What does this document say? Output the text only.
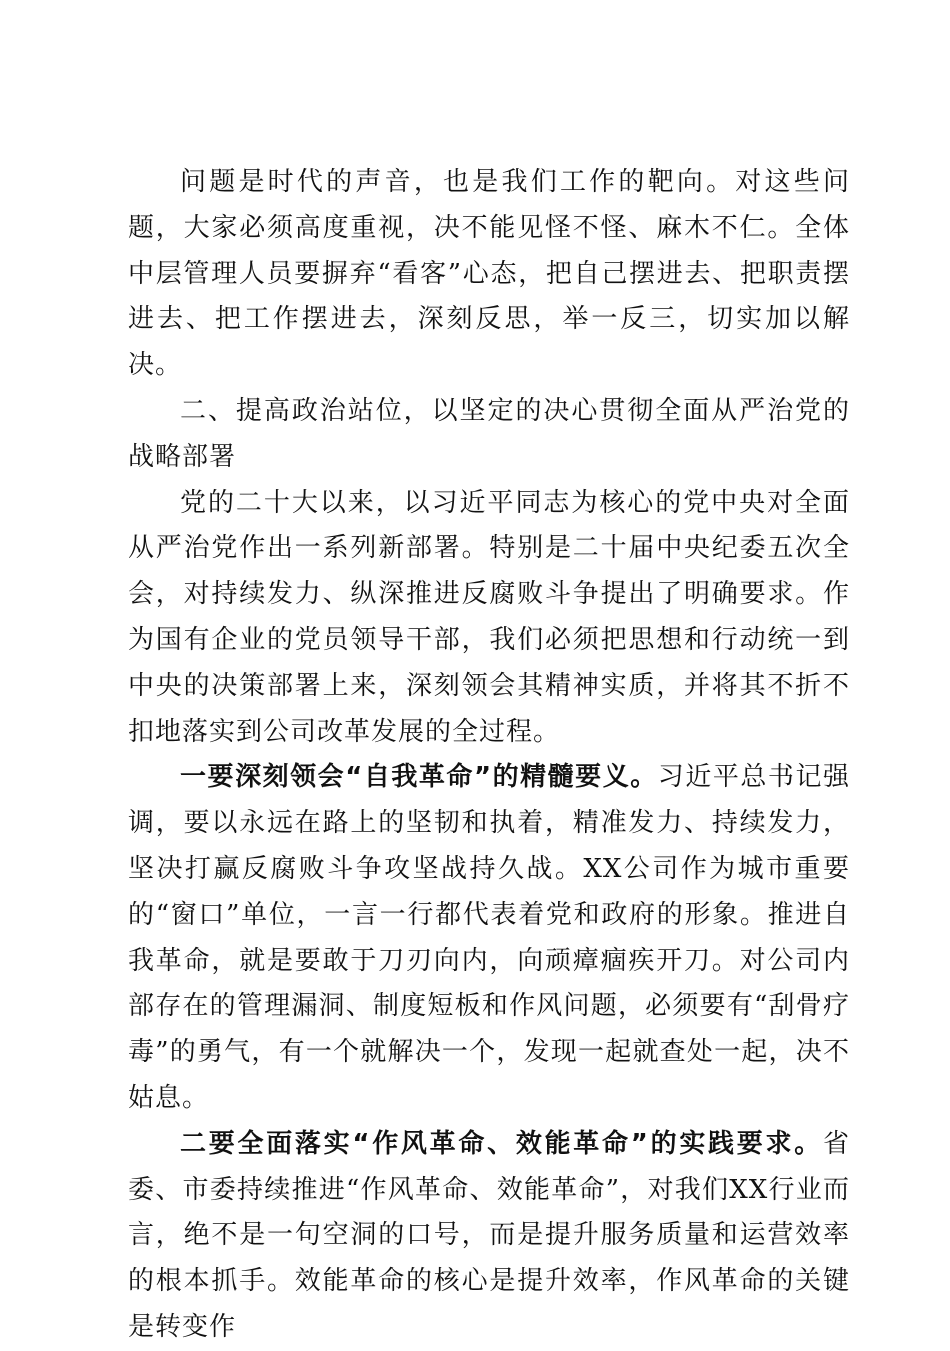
问题是时代的声音，也是我们工作的靶向。对这些问题，大家必须高度重视，决不能见怪不怪、麻木不仁。全体中层管理人员要摒弃“看客”心态，把自己摆进去、把职责摆进去、把工作摆进去，深刻反思，举一反三，切实加以解决。

二、提高政治站位，以坚定的决心贯彻全面从严治党的战略部署

党的二十大以来，以习近平同志为核心的党中央对全面从严治党作出一系列新部署。特别是二十届中央纪委五次全会，对持续发力、纵深推进反腐败斗争提出了明确要求。作为国有企业的党员领导干部，我们必须把思想和行动统一到中央的决策部署上来，深刻领会其精神实质，并将其不折不扣地落实到公司改革发展的全过程。

一要深刻领会“自我革命”的精髓要义。习近平总书记强调，要以永远在路上的坚韧和执着，精准发力、持续发力，坚决打赢反腐败斗争攻坚战持久战。XX公司作为城市重要的“窗口”单位，一言一行都代表着党和政府的形象。推进自我革命，就是要敢于刀刃向内，向顽瘴痼疾开刀。对公司内部存在的管理漏洞、制度短板和作风问题，必须要有“刮骨疗毒”的勇气，有一个就解决一个，发现一起就查处一起，决不姑息。

二要全面落实“作风革命、效能革命”的实践要求。省委、市委持续推进“作风革命、效能革命”，对我们XX行业而言，绝不是一句空洞的口号，而是提升服务质量和运营效率的根本抓手。效能革命的核心是提升效率，作风革命的关键是转变作
